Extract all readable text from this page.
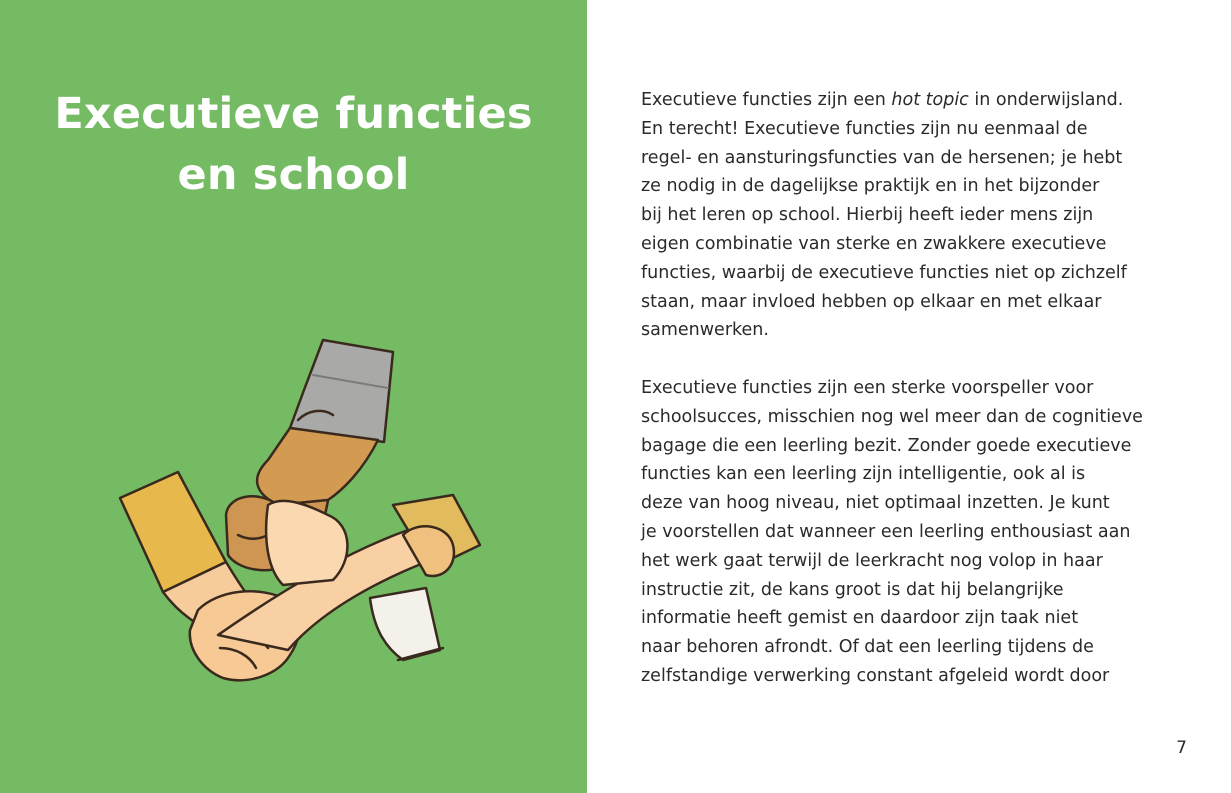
Executieve functies
en school

Executieve functies zijn een hot topic in onderwijsland.
En terecht! Executieve functies zijn nu eenmaal de
regel- en aansturingsfuncties van de hersenen; je hebt
ze nodig in de dagelijkse praktijk en in het bijzonder
bij het leren op school. Hierbij heeft ieder mens zijn
eigen combinatie van sterke en zwakkere executieve
functies, waarbij de executieve functies niet op zichzelf
staan, maar invloed hebben op elkaar en met elkaar
samenwerken.

Executieve functies zijn een sterke voorspeller voor
schoolsucces, misschien nog wel meer dan de cognitieve
bagage die een leerling bezit. Zonder goede executieve
functies kan een leerling zijn intelligentie, ook al is
deze van hoog niveau, niet optimaal inzetten. Je kunt
je voorstellen dat wanneer een leerling enthousiast aan
het werk gaat terwijl de leerkracht nog volop in haar
instructie zit, de kans groot is dat hij belangrijke
informatie heeft gemist en daardoor zijn taak niet
naar behoren afrondt. Of dat een leerling tijdens de
zelfstandige verwerking constant afgeleid wordt door

7
